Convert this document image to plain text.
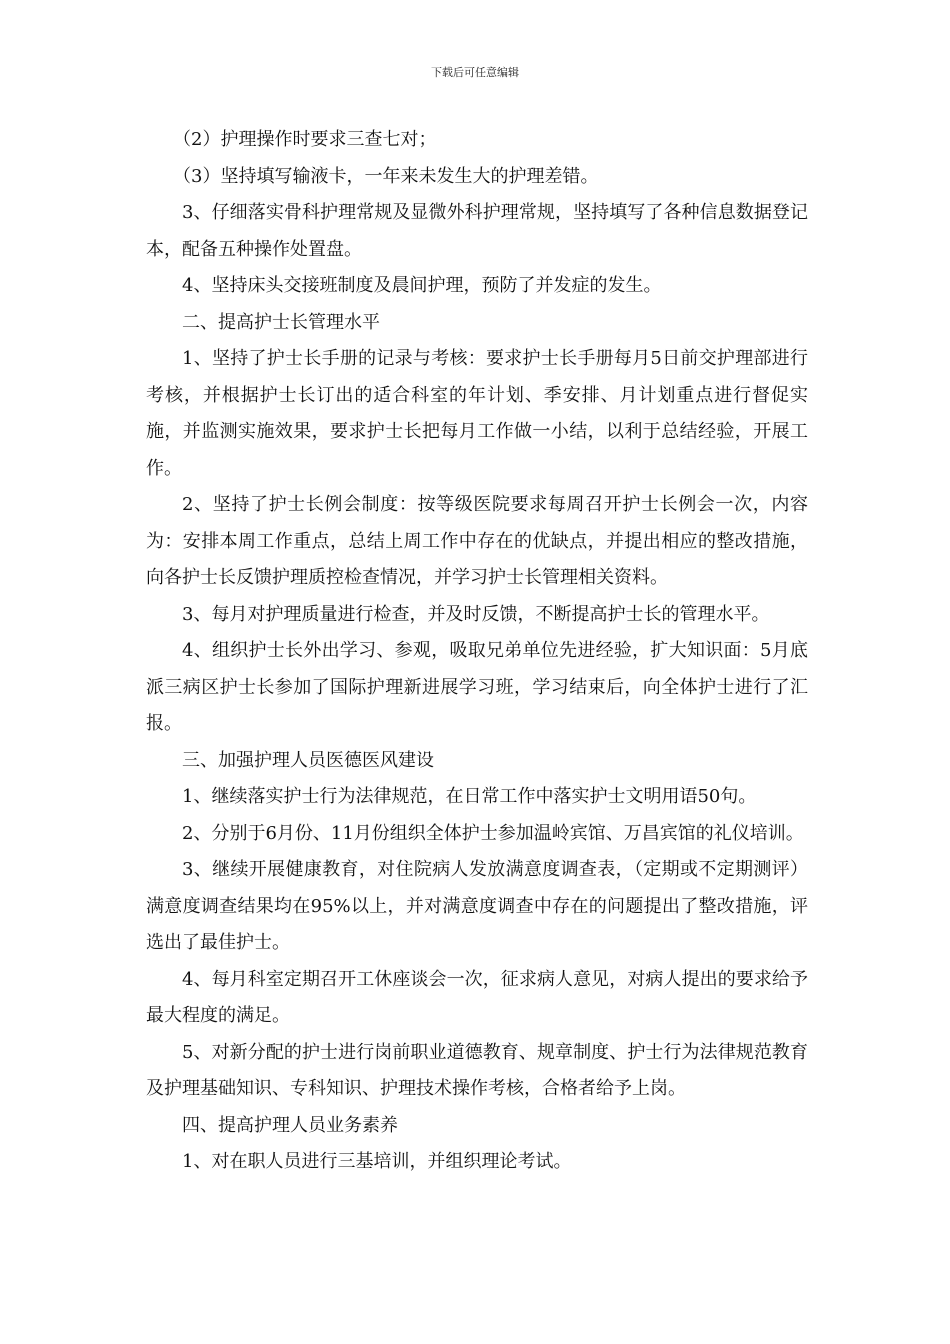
下载后可任意编辑

（2）护理操作时要求三查七对；

（3）坚持填写输液卡，一年来未发生大的护理差错。

3、仔细落实骨科护理常规及显微外科护理常规，坚持填写了各种信息数据登记本，配备五种操作处置盘。

4、坚持床头交接班制度及晨间护理，预防了并发症的发生。

二、提高护士长管理水平

1、坚持了护士长手册的记录与考核：要求护士长手册每月5日前交护理部进行考核，并根据护士长订出的适合科室的年计划、季安排、月计划重点进行督促实施，并监测实施效果，要求护士长把每月工作做一小结，以利于总结经验，开展工作。

2、坚持了护士长例会制度：按等级医院要求每周召开护士长例会一次，内容为：安排本周工作重点，总结上周工作中存在的优缺点，并提出相应的整改措施，向各护士长反馈护理质控检查情况，并学习护士长管理相关资料。

3、每月对护理质量进行检查，并及时反馈，不断提高护士长的管理水平。

4、组织护士长外出学习、参观，吸取兄弟单位先进经验，扩大知识面：5月底派三病区护士长参加了国际护理新进展学习班，学习结束后，向全体护士进行了汇报。

三、加强护理人员医德医风建设

1、继续落实护士行为法律规范，在日常工作中落实护士文明用语50句。

2、分别于6月份、11月份组织全体护士参加温岭宾馆、万昌宾馆的礼仪培训。

3、继续开展健康教育，对住院病人发放满意度调查表，（定期或不定期测评）满意度调查结果均在95%以上，并对满意度调查中存在的问题提出了整改措施，评选出了最佳护士。

4、每月科室定期召开工休座谈会一次，征求病人意见，对病人提出的要求给予最大程度的满足。

5、对新分配的护士进行岗前职业道德教育、规章制度、护士行为法律规范教育及护理基础知识、专科知识、护理技术操作考核，合格者给予上岗。

四、提高护理人员业务素养

1、对在职人员进行三基培训，并组织理论考试。
